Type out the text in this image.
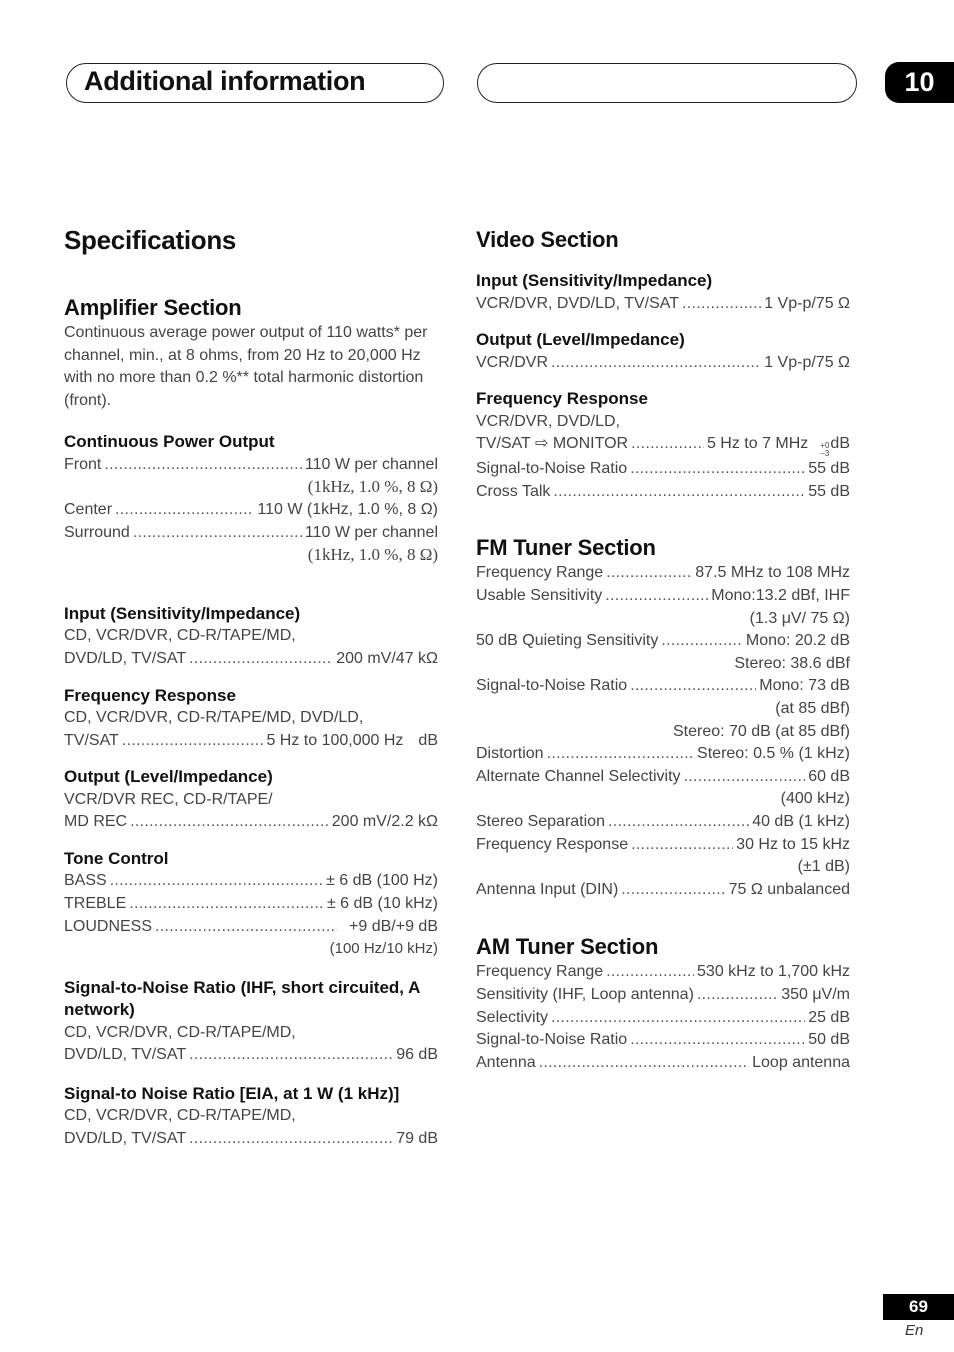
Additional information	10
Specifications
Amplifier Section
Continuous average power output of 110 watts* per channel, min., at 8 ohms, from 20 Hz to 20,000 Hz with no more than 0.2 %** total harmonic distortion (front).
Continuous Power Output
Front .....	110 W per channel
(1kHz, 1.0 %, 8 Ω)
Center .....	110 W (1kHz, 1.0 %, 8 Ω)
Surround .....	110 W per channel
(1kHz, 1.0 %, 8 Ω)
Input (Sensitivity/Impedance)
CD, VCR/DVR, CD-R/TAPE/MD,
DVD/LD, TV/SAT .....	200 mV/47 kΩ
Frequency Response
CD, VCR/DVR, CD-R/TAPE/MD, DVD/LD,
TV/SAT .....	5 Hz to 100,000 Hz dB
Output (Level/Impedance)
VCR/DVR REC, CD-R/TAPE/
MD REC .....	200 mV/2.2 kΩ
Tone Control
BASS .....	± 6 dB (100 Hz)
TREBLE .....	± 6 dB (10 kHz)
LOUDNESS .....	+9 dB/+9 dB
(100 Hz/10 kHz)
Signal-to-Noise Ratio (IHF, short circuited, A network)
CD, VCR/DVR, CD-R/TAPE/MD,
DVD/LD, TV/SAT .....	96 dB
Signal-to Noise Ratio [EIA, at 1 W (1 kHz)]
CD, VCR/DVR, CD-R/TAPE/MD,
DVD/LD, TV/SAT .....	79 dB
Video Section
Input (Sensitivity/Impedance)
VCR/DVR, DVD/LD, TV/SAT .....	1 Vp-p/75 Ω
Output (Level/Impedance)
VCR/DVR .....	1 Vp-p/75 Ω
Frequency Response
VCR/DVR, DVD/LD,
TV/SAT ⇨ MONITOR .....	5 Hz to 7 MHz +0
–3
dB
Signal-to-Noise Ratio .....	55 dB
Cross Talk .....	55 dB
FM Tuner Section
Frequency Range .....	87.5 MHz to 108 MHz
Usable Sensitivity .....	Mono:13.2 dBf, IHF
(1.3 μV/ 75 Ω)
50 dB Quieting Sensitivity .....	Mono: 20.2 dB
Stereo: 38.6 dBf
Signal-to-Noise Ratio .....	Mono: 73 dB
(at 85 dBf)
Stereo: 70 dB (at 85 dBf)
Distortion .....	Stereo: 0.5 % (1 kHz)
Alternate Channel Selectivity .....	60 dB
(400 kHz)
Stereo Separation .....	40 dB (1 kHz)
Frequency Response .....	30 Hz to 15 kHz
(±1 dB)
Antenna Input (DIN) .....	75 Ω unbalanced
AM Tuner Section
Frequency Range .....	530 kHz to 1,700 kHz
Sensitivity (IHF, Loop antenna) .....	350 μV/m
Selectivity .....	25 dB
Signal-to-Noise Ratio .....	50 dB
Antenna .....	Loop antenna
69
En
